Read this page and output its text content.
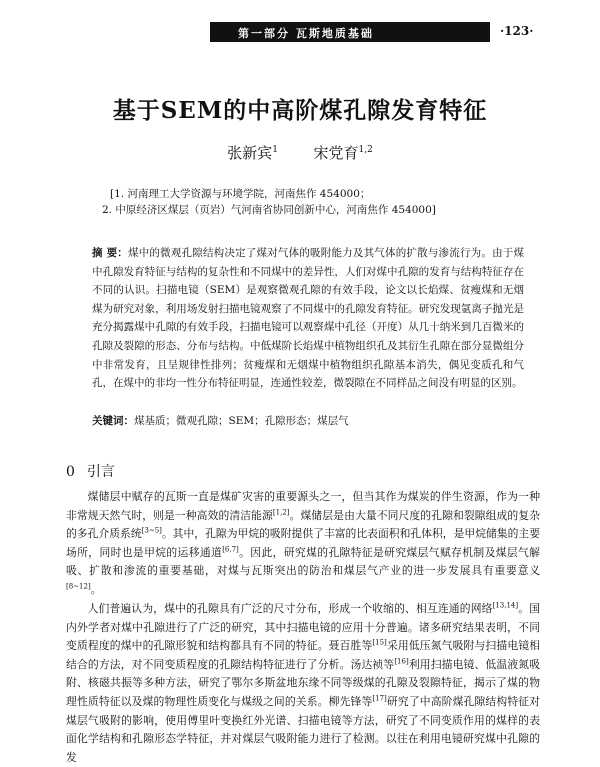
第一部分 瓦斯地质基础	·123·
基于SEM的中高阶煤孔隙发育特征
张新宾$^1$ 宋党育$^{1,2}$
[1. 河南理工大学资源与环境学院，河南焦作 454000；
2. 中原经济区煤层（页岩）气河南省协同创新中心，河南焦作 454000]
摘 要：煤中的微观孔隙结构决定了煤对气体的吸附能力及其气体的扩散与渗流行为。由于煤中孔隙发育特征与结构的复杂性和不同煤中的差异性，人们对煤中孔隙的发育与结构特征存在不同的认识。扫描电镜（SEM）是观察微观孔隙的有效手段，论文以长焰煤、贫瘦煤和无烟煤为研究对象，利用场发射扫描电镜观察了不同煤中的孔隙发育特征。研究发现氩离子抛光是充分揭露煤中孔隙的有效手段，扫描电镜可以观察煤中孔径（开度）从几十纳米到几百微米的孔隙及裂隙的形态、分布与结构。中低煤阶长焰煤中植物组织孔及其衍生孔隙在部分显微组分中非常发育，且呈规律性排列；贫瘦煤和无烟煤中植物组织孔隙基本消失，偶见变质孔和气孔，在煤中的非均一性分布特征明显，连通性较差，微裂隙在不同样品之间没有明显的区别。
关键词：煤基质；微观孔隙；SEM；孔隙形态；煤层气
0 引言

煤储层中赋存的瓦斯一直是煤矿灾害的重要源头之一，但当其作为煤炭的伴生资源，作为一种非常规天然气时，则是一种高效的清洁能源[1,2]。煤储层是由大量不同尺度的孔隙和裂隙组成的复杂的多孔介质系统[3~5]。其中，孔隙为甲烷的吸附提供了丰富的比表面积和孔体积，是甲烷储集的主要场所，同时也是甲烷的运移通道[6,7]。因此，研究煤的孔隙特征是研究煤层气赋存机制及煤层气解吸、扩散和渗流的重要基础，对煤与瓦斯突出的防治和煤层气产业的进一步发展具有重要意义[8~12]。

人们普遍认为，煤中的孔隙具有广泛的尺寸分布，形成一个收缩的、相互连通的网络[13,14]。国内外学者对煤中孔隙进行了广泛的研究，其中扫描电镜的应用十分普遍。诸多研究结果表明，不同变质程度的煤中的孔隙形貌和结构都具有不同的特征。聂百胜等[15]采用低压氮气吸附与扫描电镜相结合的方法，对不同变质程度的孔隙结构特征进行了分析。汤达祯等[16]利用扫描电镜、低温液氮吸附、核磁共振等多种方法，研究了鄂尔多斯盆地东缘不同等级煤的孔隙及裂隙特征，揭示了煤的物理性质特征以及煤的物理性质变化与煤级之间的关系。柳先锋等[17]研究了中高阶煤孔隙结构特征对煤层气吸附的影响，使用傅里叶变换红外光谱、扫描电镜等方法，研究了不同变质作用的煤样的表面化学结构和孔隙形态学特征，并对煤层气吸附能力进行了检测。以往在利用电镜研究煤中孔隙的发
